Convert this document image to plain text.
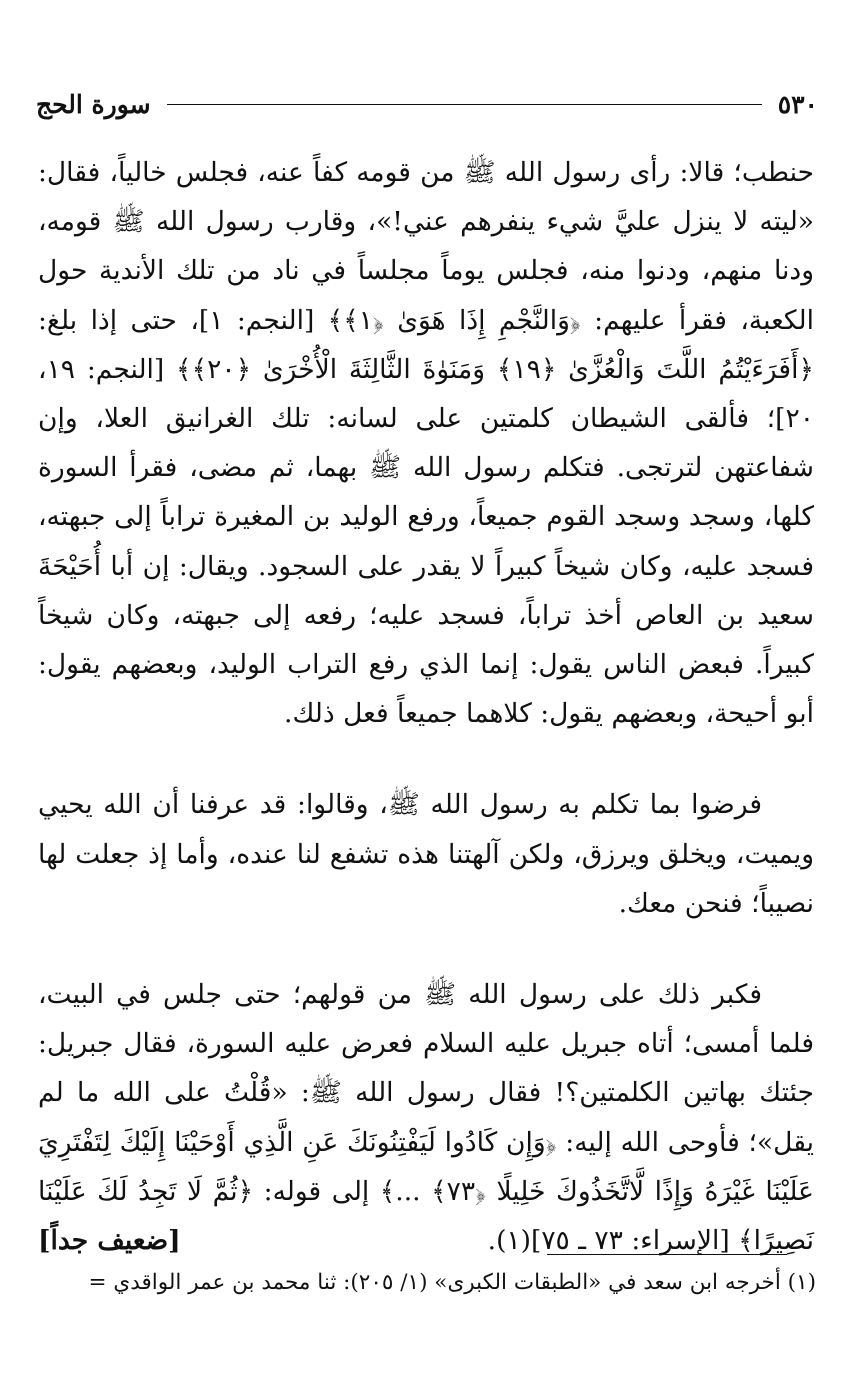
٥٣٠
سورة الحج

حنطب؛ قالا: رأى رسول الله ﷺ من قومه كفاً عنه، فجلس خالياً، فقال: «ليته لا ينزل عليَّ شيء ينفرهم عني!»، وقارب رسول الله ﷺ قومه، ودنا منهم، ودنوا منه، فجلس يوماً مجلساً في ناد من تلك الأندية حول الكعبة، فقرأ عليهم: ﴿وَالنَّجْمِ إِذَا هَوَىٰ ﴿١﴾﴾ [النجم: ١]، حتى إذا بلغ: ﴿أَفَرَءَيْتُمُ اللَّتَ وَالْعُزَّىٰ ﴿١٩﴾ وَمَنَوٰةَ الثَّالِثَةَ الْأُخْرَىٰ ﴿٢٠﴾﴾ [النجم: ١٩، ٢٠]؛ فألقى الشيطان كلمتين على لسانه: تلك الغرانيق العلا، وإن شفاعتهن لترتجى. فتكلم رسول الله ﷺ بهما، ثم مضى، فقرأ السورة كلها، وسجد وسجد القوم جميعاً، ورفع الوليد بن المغيرة تراباً إلى جبهته، فسجد عليه، وكان شيخاً كبيراً لا يقدر على السجود. ويقال: إن أبا أُحَيْحَةَ سعيد بن العاص أخذ تراباً، فسجد عليه؛ رفعه إلى جبهته، وكان شيخاً كبيراً. فبعض الناس يقول: إنما الذي رفع التراب الوليد، وبعضهم يقول: أبو أحيحة، وبعضهم يقول: كلاهما جميعاً فعل ذلك.

فرضوا بما تكلم به رسول الله ﷺ، وقالوا: قد عرفنا أن الله يحيي ويميت، ويخلق ويرزق، ولكن آلهتنا هذه تشفع لنا عنده، وأما إذ جعلت لها نصيباً؛ فنحن معك.

فكبر ذلك على رسول الله ﷺ من قولهم؛ حتى جلس في البيت، فلما أمسى؛ أتاه جبريل عليه السلام فعرض عليه السورة، فقال جبريل: جئتك بهاتين الكلمتين؟! فقال رسول الله ﷺ: «قُلْتُ على الله ما لم يقل»؛ فأوحى الله إليه: ﴿وَإِن كَادُوا لَيَفْتِنُونَكَ عَنِ الَّذِي أَوْحَيْنَا إِلَيْكَ لِتَفْتَرِيَ عَلَيْنَا غَيْرَهُ وَإِذًا لَّاتَّخَذُوكَ خَلِيلًا ﴿٧٣﴾ ...﴾ إلى قوله: ﴿ثُمَّ لَا تَجِدُ لَكَ عَلَيْنَا نَصِيرًا﴾ [الإسراء: ٧٣ ـ ٧٥](١).
[ضعيف جداً]

(١) أخرجه ابن سعد في «الطبقات الكبرى» (١/ ٢٠٥): ثنا محمد بن عمر الواقدي =
